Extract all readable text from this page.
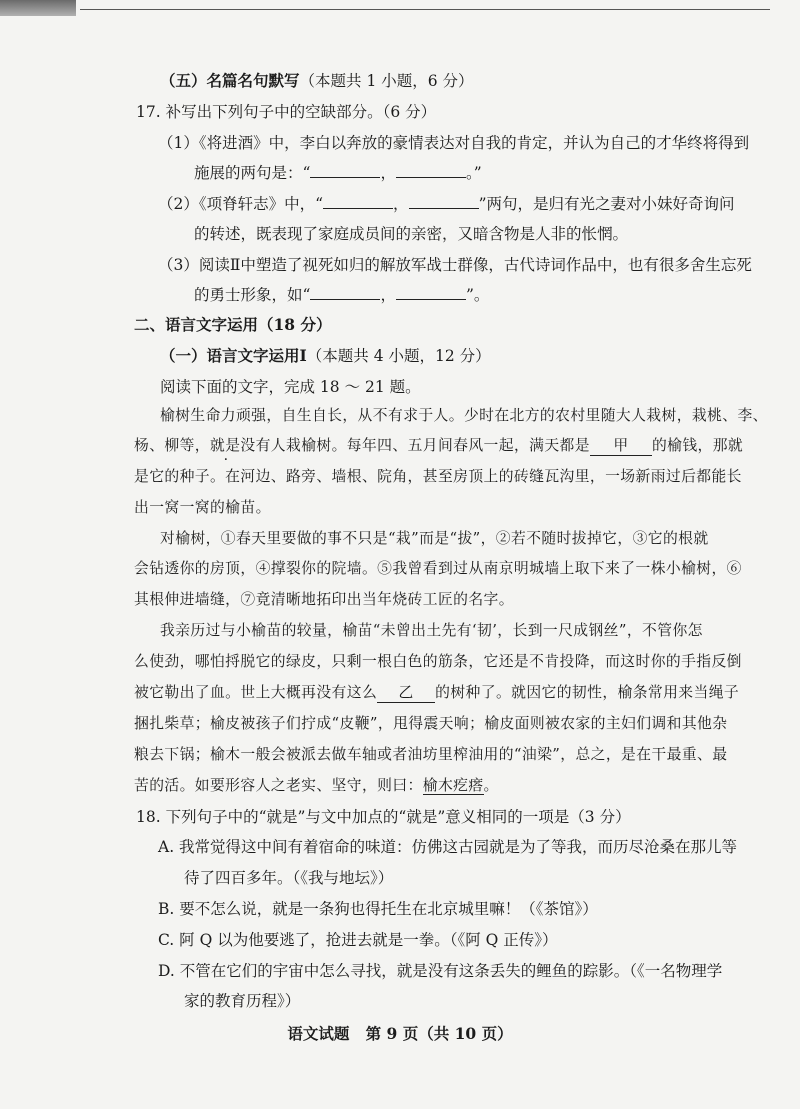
（五）名篇名句默写（本题共 1 小题，6 分）
17. 补写出下列句子中的空缺部分。（6 分）
（1）《将进酒》中，李白以奔放的豪情表达对自我的肯定，并认为自己的才华终将得到
施展的两句是：“	，	。”
（2）《项脊轩志》中，“	，	”两句，是归有光之妻对小妹好奇询问
的转述，既表现了家庭成员间的亲密，又暗含物是人非的怅惘。
（3）阅读Ⅱ中塑造了视死如归的解放军战士群像，古代诗词作品中，也有很多舍生忘死
的勇士形象，如“	，	”。
二、语言文字运用（18 分）
（一）语言文字运用Ⅰ（本题共 4 小题，12 分）
阅读下面的文字，完成 18 ～ 21 题。
榆树生命力顽强，自生自长，从不有求于人。少时在北方的农村里随大人栽树，栽桃、李、
杨、柳等，就是没有人栽榆树。每年四、五月间春风一起，满天都是 甲 的榆钱，那就
是它的种子。在河边、路旁、墙根、院角，甚至房顶上的砖缝瓦沟里，一场新雨过后都能长
出一窝一窝的榆苗。
对榆树，①春天里要做的事不只是“栽”而是“拔”，②若不随时拔掉它，③它的根就
会钻透你的房顶，④撑裂你的院墙。⑤我曾看到过从南京明城墙上取下来了一株小榆树，⑥
其根伸进墙缝，⑦竟清晰地拓印出当年烧砖工匠的名字。
我亲历过与小榆苗的较量，榆苗“未曾出土先有‘韧’，长到一尺成钢丝”，不管你怎
么使劲，哪怕捋脱它的绿皮，只剩一根白色的筋条，它还是不肯投降，而这时你的手指反倒
被它勒出了血。世上大概再没有这么 乙 的树种了。就因它的韧性，榆条常用来当绳子
捆扎柴草；榆皮被孩子们拧成“皮鞭”，甩得震天响；榆皮面则被农家的主妇们调和其他杂
粮去下锅；榆木一般会被派去做车轴或者油坊里榨油用的“油梁”，总之，是在干最重、最
苦的活。如要形容人之老实、坚守，则曰：榆木疙瘩。
18. 下列句子中的“就是”与文中加点的“就是”意义相同的一项是（3 分）
A. 我常觉得这中间有着宿命的味道：仿佛这古园就是为了等我，而历尽沧桑在那儿等
待了四百多年。（《我与地坛》）
B. 要不怎么说，就是一条狗也得托生在北京城里嘛！（《茶馆》）
C. 阿 Q 以为他要逃了，抢进去就是一拳。（《阿 Q 正传》）
D. 不管在它们的宇宙中怎么寻找，就是没有这条丢失的鲤鱼的踪影。（《一名物理学
家的教育历程》）
语文试题 第 9 页（共 10 页）
